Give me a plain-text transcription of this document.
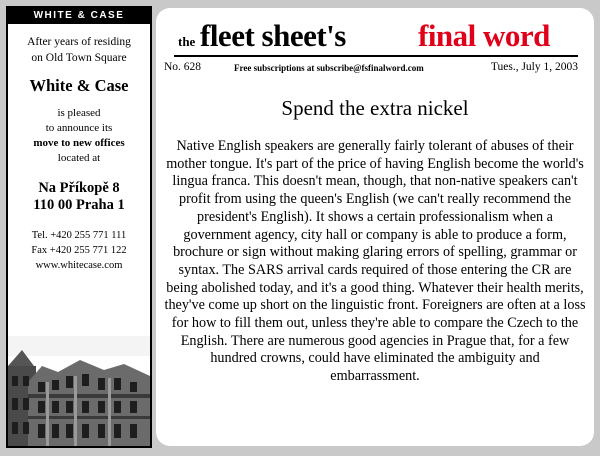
WHITE & CASE
After years of residing
on Old Town Square
White & Case
is pleased
to announce its
move to new offices
located at
Na Příkopě 8
110 00 Praha 1
Tel. +420 255 771 111
Fax +420 255 771 122
www.whitecase.com
the fleet sheet's final word
No. 628	Free subscriptions at subscribe@fsfinalword.com	Tues., July 1, 2003
Spend the extra nickel

Native English speakers are generally fairly tolerant of abuses of their mother tongue. It's part of the price of having English become the world's lingua franca. This doesn't mean, though, that non-native speakers can't profit from using the queen's English (we can't really recommend the president's English). It shows a certain professionalism when a government agency, city hall or company is able to produce a form, brochure or sign without making glaring errors of spelling, grammar or syntax. The SARS arrival cards required of those entering the CR are being abolished today, and it's a good thing. Whatever their health merits, they've come up short on the linguistic front. Foreigners are often at a loss for how to fill them out, unless they're able to compare the Czech to the English. There are numerous good agencies in Prague that, for a few hundred crowns, could have eliminated the ambiguity and embarrassment.
